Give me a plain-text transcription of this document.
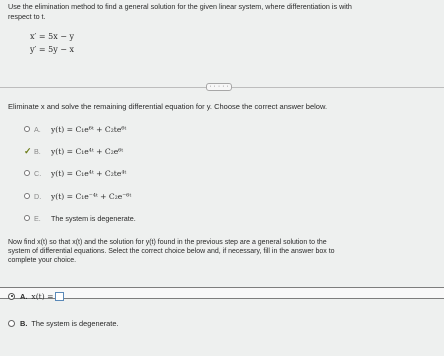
Use the elimination method to find a general solution for the given linear system, where differentiation is with
respect to t.
x′ = 5x − y
y′ = 5y − x
· · · · ·
Eliminate x and solve the remaining differential equation for y. Choose the correct answer below.
A.	y(t) = C₁e⁶ᵗ + C₂te⁶ᵗ
✓ B.	y(t) = C₁e⁴ᵗ + C₂e⁶ᵗ
C.	y(t) = C₁e⁴ᵗ + C₂te⁴ᵗ
D.	y(t) = C₁e⁻⁴ᵗ + C₂e⁻⁶ᵗ
E.	The system is degenerate.
Now find x(t) so that x(t) and the solution for y(t) found in the previous step are a general solution to the
system of differential equations. Select the correct choice below and, if necessary, fill in the answer box to
complete your choice.
A. x(t) =
B. The system is degenerate.
